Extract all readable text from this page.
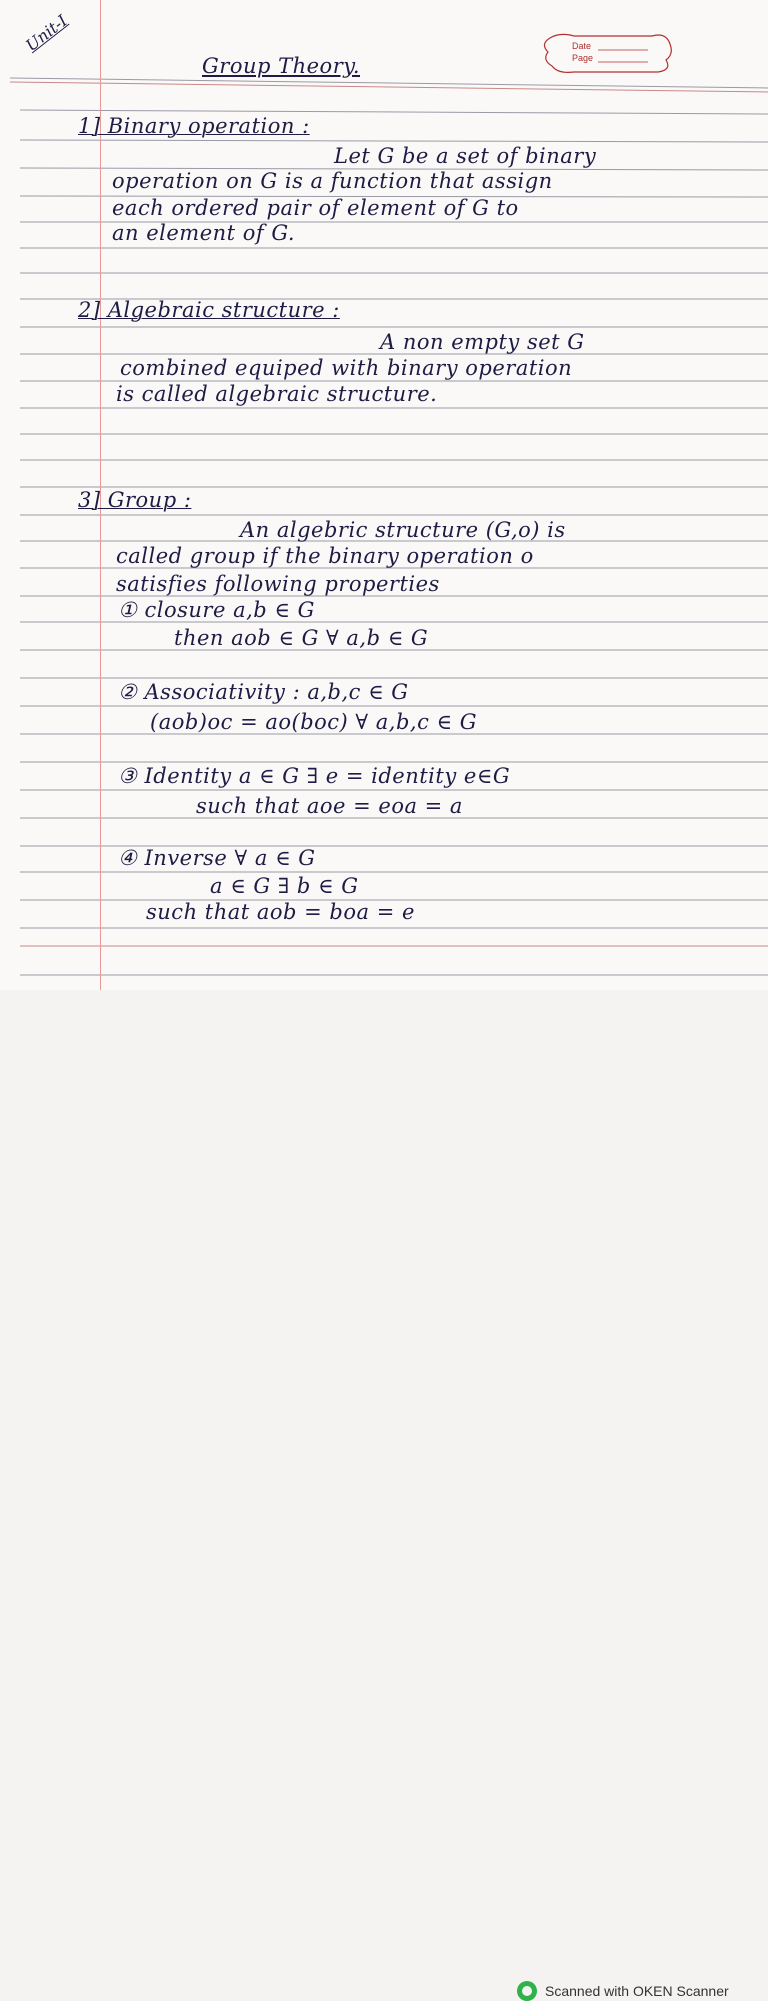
Unit-I	Date
Page
Group Theory.
1] Binary operation :
Let G be a set of binary
operation on G is a function that assign
each ordered pair of element of G to
an element of G.
2] Algebraic structure :
A non empty set G
combined equiped with binary operation
is called algebraic structure.
3] Group :
An algebric structure (G,o) is
called group if the binary operation o
satisfies following properties
① closure a,b ∈ G
then aob ∈ G ∀ a,b ∈ G
② Associativity : a,b,c ∈ G
(aob)oc = ao(boc) ∀ a,b,c ∈ G
③ Identity a ∈ G ∃ e = identity e∈G
such that aoe = eoa = a
④ Inverse ∀ a ∈ G
a ∈ G ∃ b ∈ G
such that aob = boa = e
Scanned with OKEN Scanner
